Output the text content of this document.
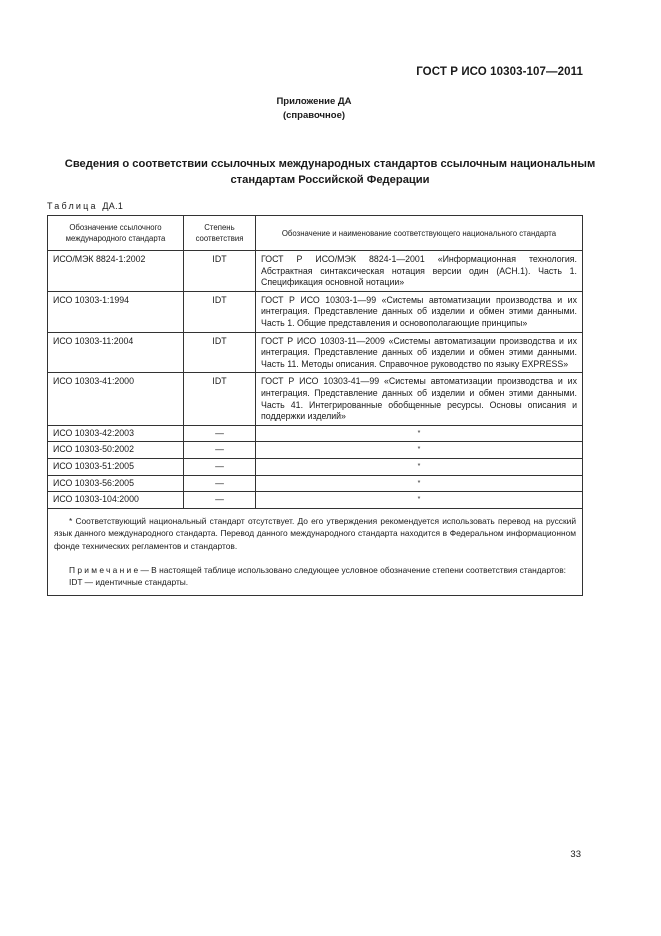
ГОСТ Р ИСО 10303-107—2011
Приложение ДА
(справочное)
Сведения о соответствии ссылочных международных стандартов ссылочным национальным
стандартам Российской Федерации
Таблица ДА.1
Обозначение ссылочного международного стандарта	Степень соответствия	Обозначение и наименование соответствующего национального стандарта
ИСО/МЭК 8824-1:2002	IDT	ГОСТ Р ИСО/МЭК 8824-1—2001 «Информационная технология. Абстрактная синтаксическая нотация версии один (АСН.1). Часть 1. Спецификация основной нотации»
ИСО 10303-1:1994	IDT	ГОСТ Р ИСО 10303-1—99 «Системы автоматизации производства и их интеграция. Представление данных об изделии и обмен этими данными. Часть 1. Общие представления и основополагающие принципы»
ИСО 10303-11:2004	IDT	ГОСТ Р ИСО 10303-11—2009 «Системы автоматизации производства и их интеграция. Представление данных об изделии и обмен этими данными. Часть 11. Методы описания. Справочное руководство по языку EXPRESS»
ИСО 10303-41:2000	IDT	ГОСТ Р ИСО 10303-41—99 «Системы автоматизации производства и их интеграция. Представление данных об изделии и обмен этими данными. Часть 41. Интегрированные обобщенные ресурсы. Основы описания и поддержки изделий»
ИСО 10303-42:2003	—	*
ИСО 10303-50:2002	—	*
ИСО 10303-51:2005	—	*
ИСО 10303-56:2005	—	*
ИСО 10303-104:2000	—	*

* Соответствующий национальный стандарт отсутствует. До его утверждения рекомендуется использовать перевод на русский язык данного международного стандарта. Перевод данного международного стандарта находится в Федеральном информационном фонде технических регламентов и стандартов.

Примечание— В настоящей таблице использовано следующее условное обозначение степени соответствия стандартов:

IDT — идентичные стандарты.		

33
